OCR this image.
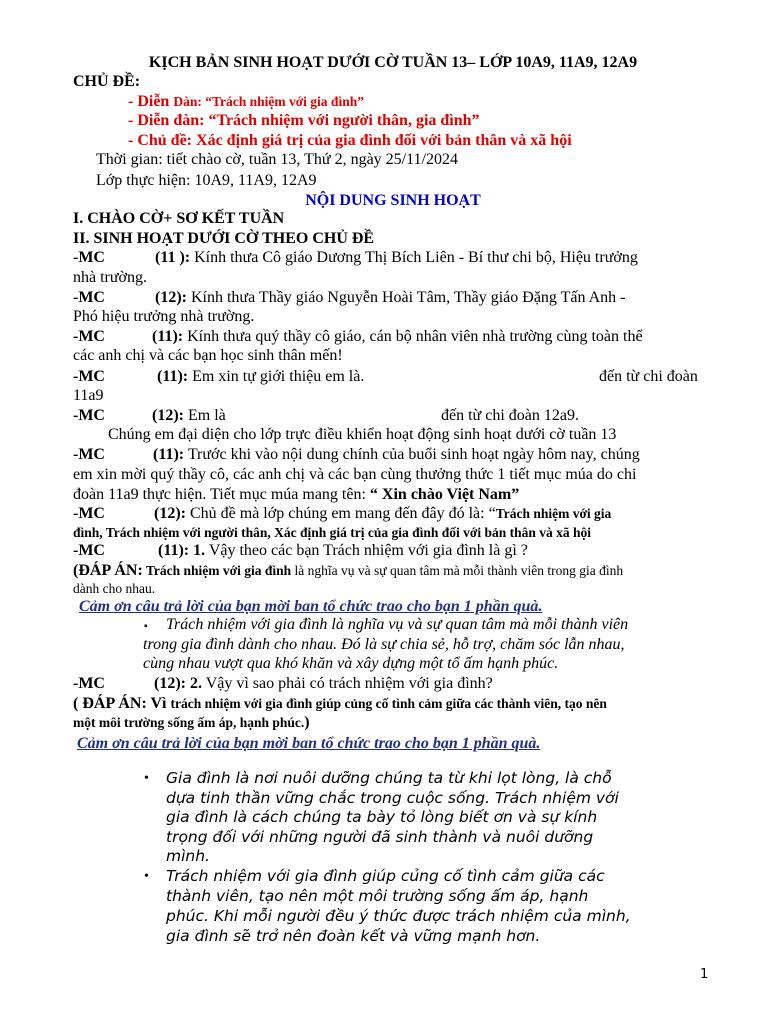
KỊCH BẢN SINH HOẠT DƯỚI CỜ TUẦN 13– LỚP 10A9, 11A9, 12A9
CHỦ ĐỀ:
- Diễn Dàn: “Trách nhiệm với gia đình”
- Diễn đàn: “Trách nhiệm với người thân, gia đình”
- Chủ đề: Xác định giá trị của gia đình đối với bản thân và xã hội
Thời gian: tiết chào cờ, tuần 13, Thứ 2, ngày 25/11/2024
Lớp thực hiện: 10A9, 11A9, 12A9
NỘI DUNG SINH HOẠT
I. CHÀO CỜ+ SƠ KẾT TUẦN
II. SINH HOẠT DƯỚI CỜ THEO CHỦ ĐỀ
-MC	(11 ): Kính thưa Cô giáo Dương Thị Bích Liên - Bí thư chi bộ, Hiệu trưởng
nhà trường.
-MC	(12): Kính thưa Thầy giáo Nguyễn Hoài Tâm, Thầy giáo Đặng Tấn Anh -
Phó hiệu trưởng nhà trường.
-MC	(11): Kính thưa quý thầy cô giáo, cán bộ nhân viên nhà trường cùng toàn thể
các anh chị và các bạn học sinh thân mến!
-MC	(11): Em xin tự giới thiệu em là.	đến từ chi đoàn
11a9
-MC	(12): Em là	đến từ chi đoàn 12a9.
Chúng em đại diện cho lớp trực điều khiển hoạt động sinh hoạt dưới cờ tuần 13
-MC	(11): Trước khi vào nội dung chính của buổi sinh hoạt ngày hôm nay, chúng
em xin mời quý thầy cô, các anh chị và các bạn cùng thưởng thức 1 tiết mục múa do chi
đoàn 11a9 thực hiện. Tiết mục múa mang tên: “ Xin chào Việt Nam”
-MC	(12): Chủ đề mà lớp chúng em mang đến đây đó là: “Trách nhiệm với gia
đình, Trách nhiệm với người thân, Xác định giá trị của gia đình đối với bản thân và xã hội
-MC	(11): 1. Vậy theo các bạn Trách nhiệm với gia đình là gì ?
(ĐÁP ÁN: Trách nhiệm với gia đình là nghĩa vụ và sự quan tâm mà mỗi thành viên trong gia đình
dành cho nhau.
Cảm ơn câu trả lời của bạn mời ban tổ chức trao cho bạn 1 phần quà.
▪ Trách nhiệm với gia đình là nghĩa vụ và sự quan tâm mà mỗi thành viên
trong gia đình dành cho nhau. Đó là sự chia sẻ, hỗ trợ, chăm sóc lẫn nhau,
cùng nhau vượt qua khó khăn và xây dựng một tổ ấm hạnh phúc.
-MC	(12): 2. Vậy vì sao phải có trách nhiệm với gia đình?
( ĐÁP ÁN: Vì trách nhiệm với gia đình giúp củng cố tình cảm giữa các thành viên, tạo nên
một môi trường sống ấm áp, hạnh phúc.)
Cảm ơn câu trả lời của bạn mời ban tổ chức trao cho bạn 1 phần quà.
• Gia đình là nơi nuôi dưỡng chúng ta từ khi lọt lòng, là chỗ
dựa tinh thần vững chắc trong cuộc sống. Trách nhiệm với
gia đình là cách chúng ta bày tỏ lòng biết ơn và sự kính
trọng đối với những người đã sinh thành và nuôi dưỡng
mình.
• Trách nhiệm với gia đình giúp củng cố tình cảm giữa các
thành viên, tạo nên một môi trường sống ấm áp, hạnh
phúc. Khi mỗi người đều ý thức được trách nhiệm của mình,
gia đình sẽ trở nên đoàn kết và vững mạnh hơn.
1
